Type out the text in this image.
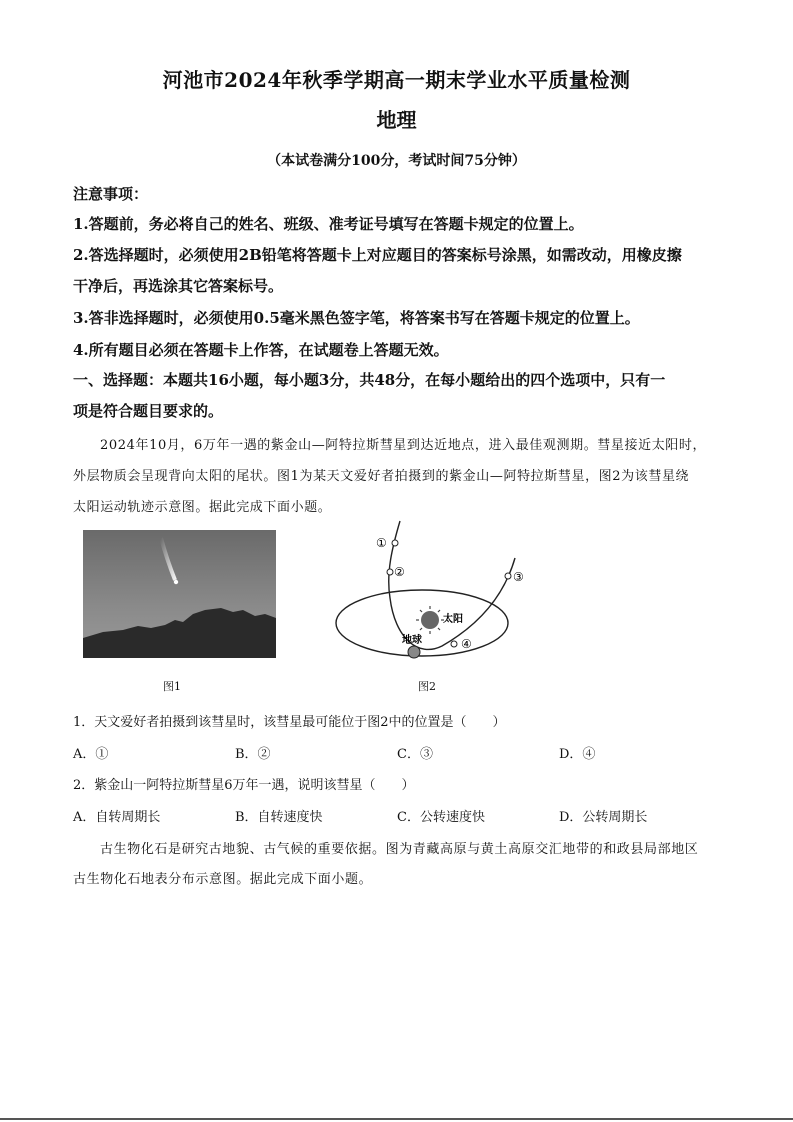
河池市2024年秋季学期高一期末学业水平质量检测
地理
（本试卷满分100分，考试时间75分钟）
注意事项：
1.答题前，务必将自己的姓名、班级、准考证号填写在答题卡规定的位置上。
2.答选择题时，必须使用2B铅笔将答题卡上对应题目的答案标号涂黑，如需改动，用橡皮擦
干净后，再选涂其它答案标号。
3.答非选择题时，必须使用0.5毫米黑色签字笔，将答案书写在答题卡规定的位置上。
4.所有题目必须在答题卡上作答，在试题卷上答题无效。
一、选择题：本题共16小题，每小题3分，共48分，在每小题给出的四个选项中，只有一
项是符合题目要求的。
2024年10月，6万年一遇的紫金山—阿特拉斯彗星到达近地点，进入最佳观测期。彗星接近太阳时，
外层物质会呈现背向太阳的尾状。图1为某天文爱好者拍摄到的紫金山—阿特拉斯彗星，图2为该彗星绕
太阳运动轨迹示意图。据此完成下面小题。
图1
①
②	③
④
太阳
地球
图2
1．天文爱好者拍摄到该彗星时，该彗星最可能位于图2中的位置是（　　）
A．①	B．②	C．③	D．④
2．紫金山一阿特拉斯彗星6万年一遇，说明该彗星（　　）
A．自转周期长	B．自转速度快	C．公转速度快	D．公转周期长
古生物化石是研究古地貌、古气候的重要依据。图为青藏高原与黄土高原交汇地带的和政县局部地区
古生物化石地表分布示意图。据此完成下面小题。
